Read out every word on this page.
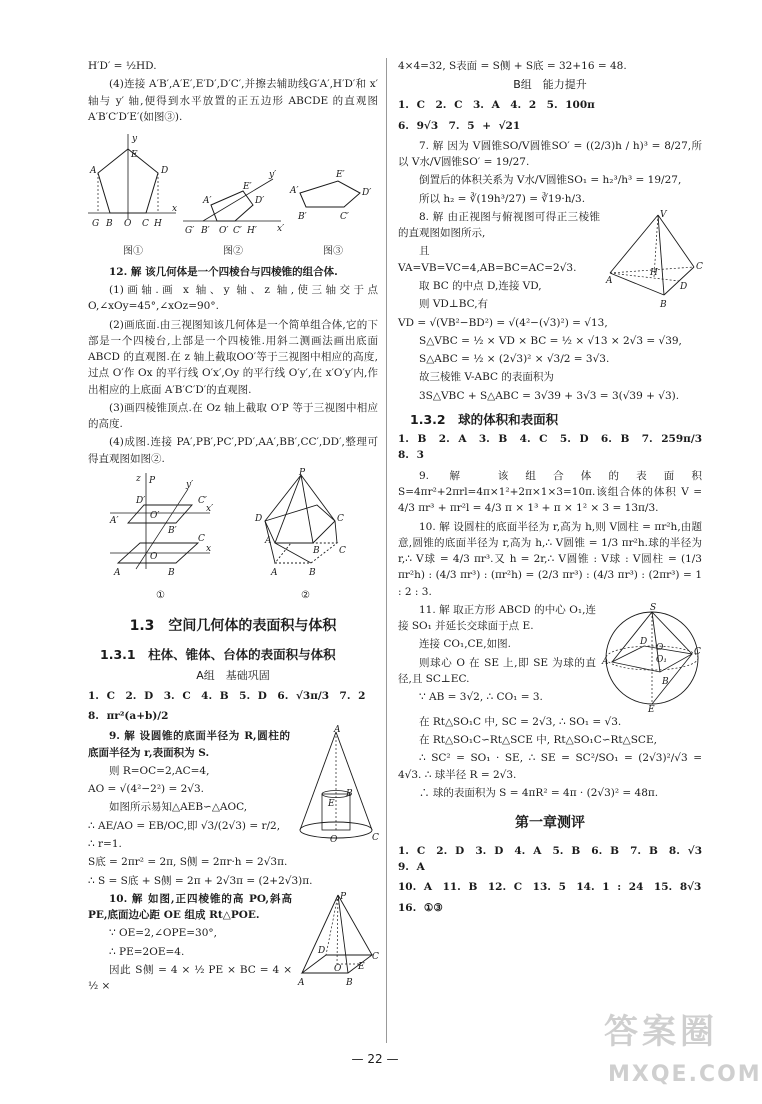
H′D′ = ½HD.

(4)连接 A′B′,A′E′,E′D′,D′C′,并擦去辅助线G′A′,H′D′和 x′ 轴与 y′ 轴,便得到水平放置的正五边形 ABCDE 的直观图 A′B′C′D′E′(如图③).

E
D
A
y
x
G B O C H
图①
A′
E′
D′
y′
x′
G′ B′ O′ C′ H′
图②
A′
E′
D′
B′	C′
图③

12. 解 该几何体是一个四棱台与四棱锥的组合体.

(1)画轴.画 x 轴、y 轴、z 轴,使三轴交于点 O,∠xOy=45°,∠xOz=90°.

(2)画底面.由三视图知该几何体是一个简单组合体,它的下部是一个四棱台,上部是一个四棱锥.用斜二测画法画出底面 ABCD 的直观图.在 z 轴上截取OO′等于三视图中相应的高度,过点 O′作 Ox 的平行线 O′x′,Oy 的平行线 O′y′,在 x′O′y′内,作出相应的上底面 A′B′C′D′的直观图.

(3)画四棱锥顶点.在 Oz 轴上截取 O′P 等于三视图中相应的高度.

(4)成图.连接 PA′,PB′,PC′,PD′,AA′,BB′,CC′,DD′,整理可得直观图如图②.

z P	y′
C′
D′
O′
A′
B′
x′
x
A	B
C
O
①
P
D	C
A
B
A	B
C
②
1.3　空间几何体的表面积与体积
1.3.1　柱体、锥体、台体的表面积与体积
A组　基础巩固

1. C　2. D　3. C　4. B　5. D　6. √3π/3　7. 2

8. πr²(a+b)/2

A
E
B
O	C

9. 解 设圆锥的底面半径为 R,圆柱的底面半径为 r,表面积为 S.

则 R=OC=2,AC=4,

AO = √(4²−2²) = 2√3.

如图所示易知△AEB∽△AOC,

∴ AE/AO = EB/OC,即 √3/(2√3) = r/2,

∴ r=1.

S底 = 2πr² = 2π, S侧 = 2πr·h = 2√3π.

∴ S = S底 + S侧 = 2π + 2√3π = (2+2√3)π.

P
D
O E
A	B
C

10. 解 如图,正四棱锥的高 PO,斜高 PE,底面边心距 OE 组成 Rt△POE.

∵ OE=2,∠OPE=30°,

∴ PE=2OE=4.

因此 S侧 = 4 × ½ PE × BC = 4 × ½ ×

4×4=32, S表面 = S侧 + S底 = 32+16 = 48.

B组　能力提升

1. C　2. C　3. A　4. 2　5. 100π

6. 9√3　7. 5 + √21

7. 解 因为 V圆锥SO/V圆锥SO′ = ((2/3)h / h)³ = 8/27,所以 V水/V圆锥SO′ = 19/27.

倒置后的体积关系为 V水/V圆锥SO₁ = h₂³/h³ = 19/27,

所以 h₂ = ∛(19h³/27) = ∛19·h/3.

V
A
C
B
H
D

8. 解 由正视图与俯视图可得正三棱锥的直观图如图所示,

且 VA=VB=VC=4,AB=BC=AC=2√3.

取 BC 的中点 D,连接 VD,

则 VD⊥BC,有

VD = √(VB²−BD²) = √(4²−(√3)²) = √13,

S△VBC = ½ × VD × BC = ½ × √13 × 2√3 = √39,

S△ABC = ½ × (2√3)² × √3/2 = 3√3.

故三棱锥 V-ABC 的表面积为

3S△VBC + S△ABC = 3√39 + 3√3 = 3(√39 + √3).

1.3.2　球的体积和表面积

1. B　2. A　3. B　4. C　5. D　6. B　7. 259π/3　8. 3

9. 解 该组合体的表面积 S=4πr²+2πrl=4π×1²+2π×1×3=10π.该组合体的体积 V = 4/3 πr³ + πr²l = 4/3 π × 1³ + π × 1² × 3 = 13π/3.

10. 解 设圆柱的底面半径为 r,高为 h,则 V圆柱 = πr²h,由题意,圆锥的底面半径为 r,高为 h,∴ V圆锥 = 1/3 πr²h.球的半径为 r,∴ V球 = 4/3 πr³.又 h = 2r,∴ V圆锥 : V球 : V圆柱 = (1/3 πr²h) : (4/3 πr³) : (πr²h) = (2/3 πr³) : (4/3 πr³) : (2πr³) = 1 : 2 : 3.

S
A
C
D
O
O₁
B
E

11. 解 取正方形 ABCD 的中心 O₁,连接 SO₁ 并延长交球面于点 E.

连接 CO₁,CE,如图.

则球心 O 在 SE 上,即 SE 为球的直径,且 SC⊥EC.

∵ AB = 3√2, ∴ CO₁ = 3.

在 Rt△SO₁C 中, SC = 2√3, ∴ SO₁ = √3.

在 Rt△SO₁C∽Rt△SCE 中, Rt△SO₁C∽Rt△SCE,

∴ SC² = SO₁ · SE, ∴ SE = SC²/SO₁ = (2√3)²/√3 = 4√3. ∴ 球半径 R = 2√3.

∴ 球的表面积为 S = 4πR² = 4π · (2√3)² = 48π.

第一章测评

1. C　2. D　3. D　4. A　5. B　6. B　7. B　8. √3　9. A

10. A　11. B　12. C　13. 5　14. 1 : 24　15. 8√3

16. ①③

— 22 —
答案圈
MXQE.COM
